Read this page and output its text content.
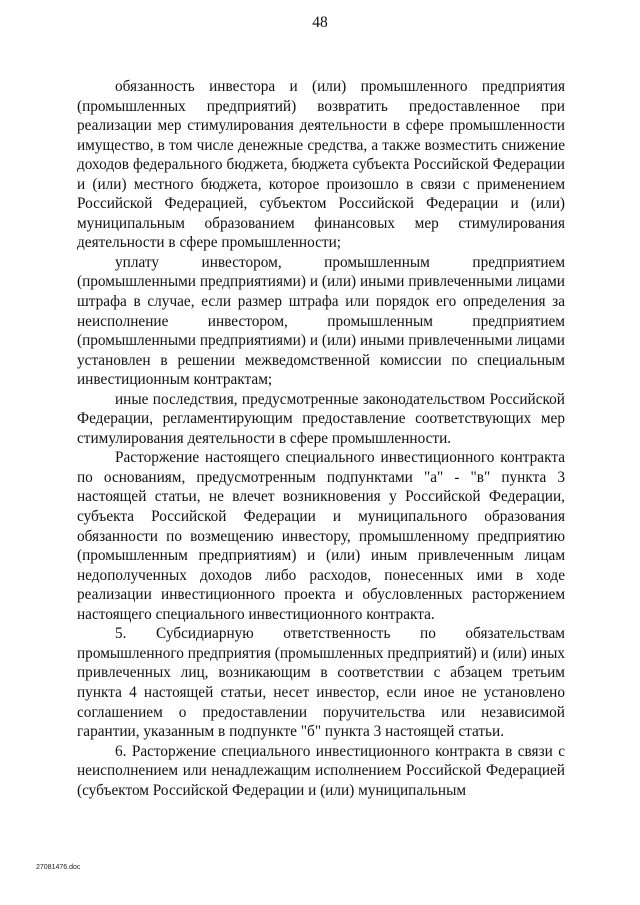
48

обязанность инвестора и (или) промышленного предприятия (промышленных предприятий) возвратить предоставленное при реализации мер стимулирования деятельности в сфере промышленности имущество, в том числе денежные средства, а также возместить снижение доходов федерального бюджета, бюджета субъекта Российской Федерации и (или) местного бюджета, которое произошло в связи с применением Российской Федерацией, субъектом Российской Федерации и (или) муниципальным образованием финансовых мер стимулирования деятельности в сфере промышленности;

уплату инвестором, промышленным предприятием (промышленными предприятиями) и (или) иными привлеченными лицами штрафа в случае, если размер штрафа или порядок его определения за неисполнение инвестором, промышленным предприятием (промышленными предприятиями) и (или) иными привлеченными лицами установлен в решении межведомственной комиссии по специальным инвестиционным контрактам;

иные последствия, предусмотренные законодательством Российской Федерации, регламентирующим предоставление соответствующих мер стимулирования деятельности в сфере промышленности.

Расторжение настоящего специального инвестиционного контракта по основаниям, предусмотренным подпунктами "а" - "в" пункта 3 настоящей статьи, не влечет возникновения у Российской Федерации, субъекта Российской Федерации и муниципального образования обязанности по возмещению инвестору, промышленному предприятию (промышленным предприятиям) и (или) иным привлеченным лицам недополученных доходов либо расходов, понесенных ими в ходе реализации инвестиционного проекта и обусловленных расторжением настоящего специального инвестиционного контракта.

5. Субсидиарную ответственность по обязательствам промышленного предприятия (промышленных предприятий) и (или) иных привлеченных лиц, возникающим в соответствии с абзацем третьим пункта 4 настоящей статьи, несет инвестор, если иное не установлено соглашением о предоставлении поручительства или независимой гарантии, указанным в подпункте "б" пункта 3 настоящей статьи.

6. Расторжение специального инвестиционного контракта в связи с неисполнением или ненадлежащим исполнением Российской Федерацией (субъектом Российской Федерации и (или) муниципальным

27081476.doc
